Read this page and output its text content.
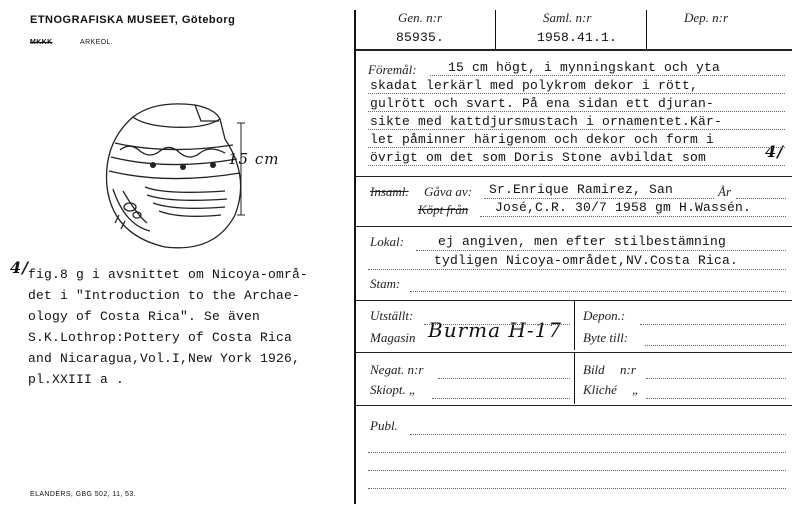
ETNOGRAFISKA MUSEET, Göteborg
MKKK	ARKEOL.
15 cm
4/ fig.8 g i avsnittet om Nicoya-områ-
det i "Introduction to the Archae-
ology of Costa Rica". Se även
S.K.Lothrop:Pottery of Costa Rica
and Nicaragua,Vol.I,New York 1926,
pl.XXIII a .
ELANDERS, GBG 502, 11, 53.
Gen. n:r	Saml. n:r	Dep. n:r
85935.	1958.41.1.
Föremål: 15 cm högt, i mynningskant och yta
skadat lerkärl med polykrom dekor i rött,
gulrött och svart. På ena sidan ett djuran-
sikte med kattdjursmustach i ornamentet.Kär-
let påminner härigenom och dekor och form i
övrigt om det som Doris Stone avbildat som	4/
Insaml. Gåva av: Sr.Enrique Ramirez, San	År
Köpt från José,C.R. 30/7 1958 gm H.Wassén.
Lokal:	ej angiven, men efter stilbestämning
tydligen Nicoya-området,NV.Costa Rica.
Stam:
Utställt:
Magasin Burma H-17
Depon.:
Byte till:
Negat. n:r
Skiopt. „
Bild n:r
Kliché „
Publ.
